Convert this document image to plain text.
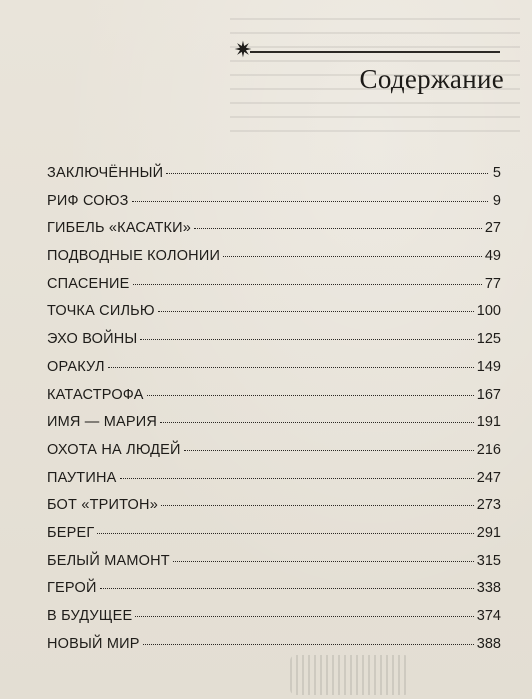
✷
Содержание
ЗАКЛЮЧЁННЫЙ	5
РИФ СОЮЗ	9
ГИБЕЛЬ «КАСАТКИ»	27
ПОДВОДНЫЕ КОЛОНИИ	49
СПАСЕНИЕ	77
ТОЧКА СИЛЬЮ	100
ЭХО ВОЙНЫ	125
ОРАКУЛ	149
КАТАСТРОФА	167
ИМЯ — МАРИЯ	191
ОХОТА НА ЛЮДЕЙ	216
ПАУТИНА	247
БОТ «ТРИТОН»	273
БЕРЕГ	291
БЕЛЫЙ МАМОНТ	315
ГЕРОЙ	338
В БУДУЩЕЕ	374
НОВЫЙ МИР	388
